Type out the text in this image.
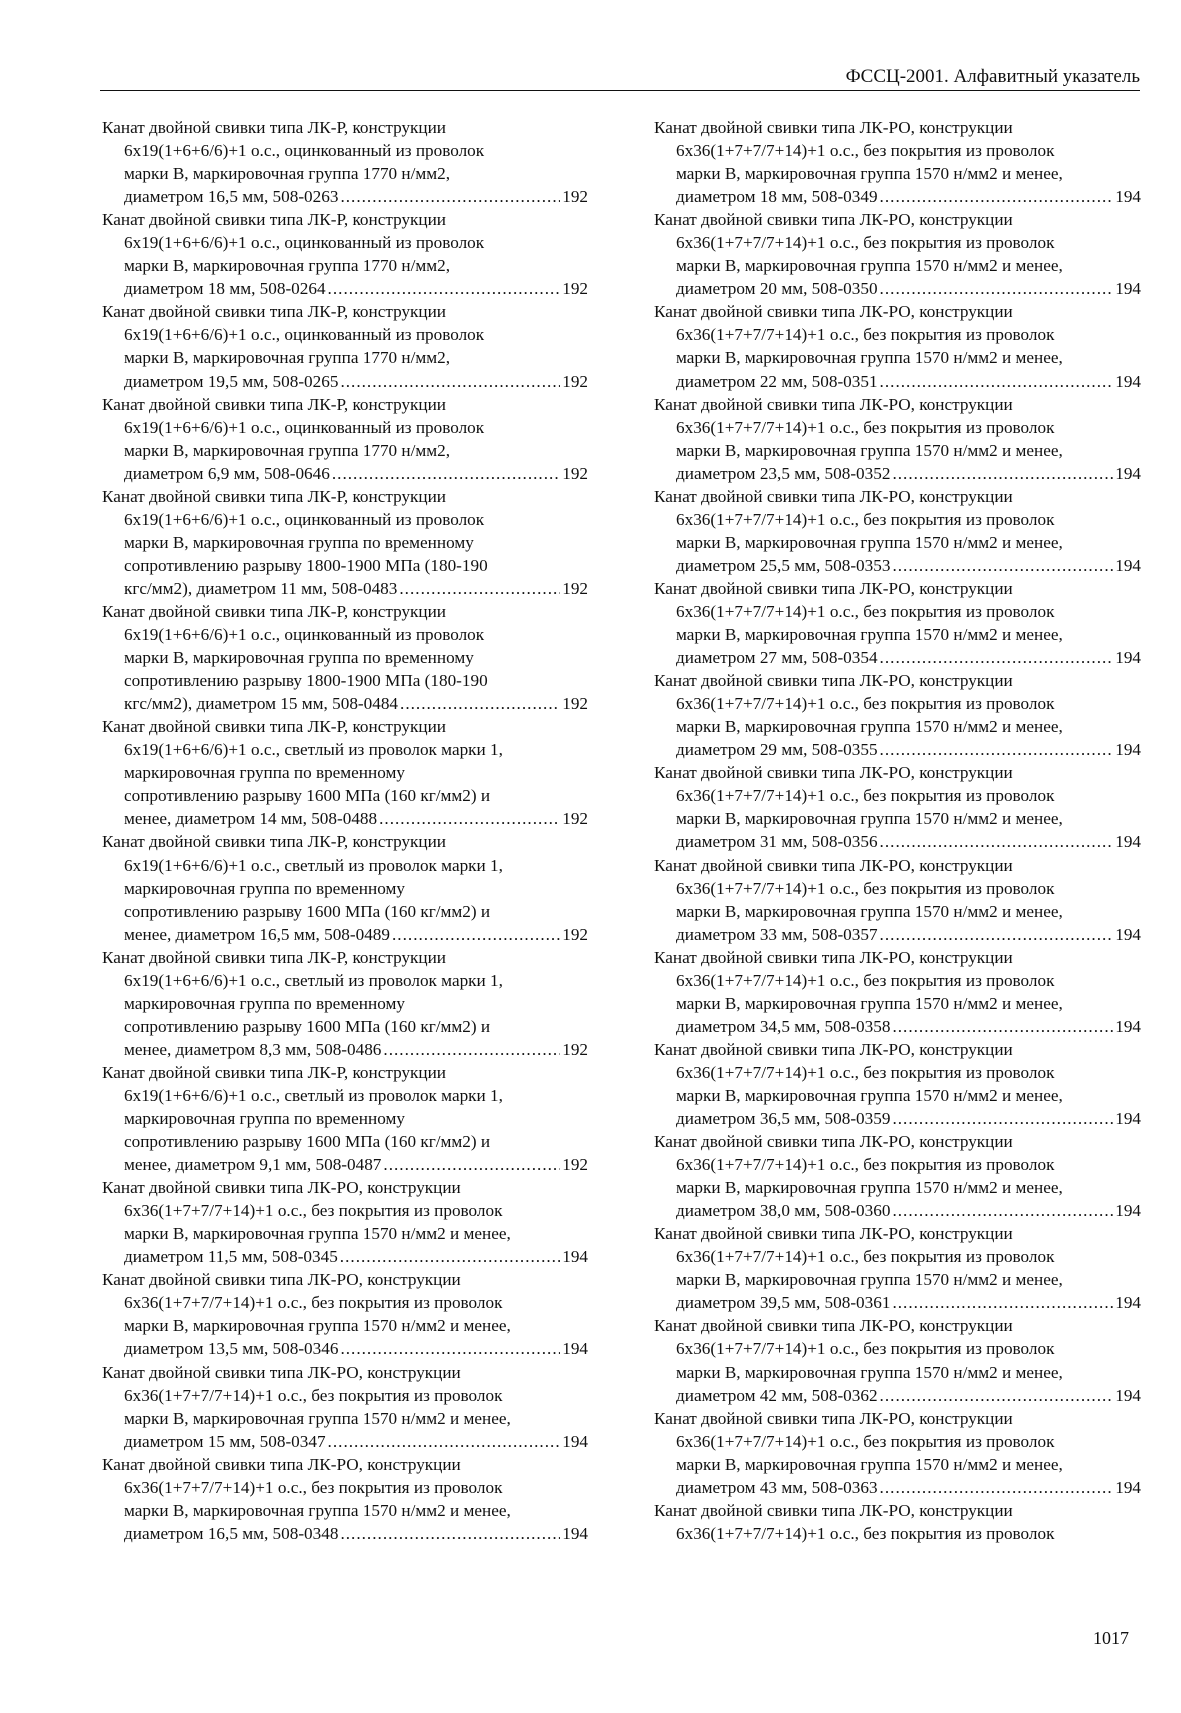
ФССЦ-2001. Алфавитный указатель
Канат двойной свивки типа ЛК-Р, конструкции
6х19(1+6+6/6)+1 о.с., оцинкованный из проволок
марки В, маркировочная группа 1770 н/мм2,
диаметром 16,5 мм, 508-0263 .....	192
Канат двойной свивки типа ЛК-Р, конструкции
6х19(1+6+6/6)+1 о.с., оцинкованный из проволок
марки В, маркировочная группа 1770 н/мм2,
диаметром 18 мм, 508-0264 .....	192
Канат двойной свивки типа ЛК-Р, конструкции
6х19(1+6+6/6)+1 о.с., оцинкованный из проволок
марки В, маркировочная группа 1770 н/мм2,
диаметром 19,5 мм, 508-0265 .....	192
Канат двойной свивки типа ЛК-Р, конструкции
6х19(1+6+6/6)+1 о.с., оцинкованный из проволок
марки В, маркировочная группа 1770 н/мм2,
диаметром 6,9 мм, 508-0646 .....	192
Канат двойной свивки типа ЛК-Р, конструкции
6х19(1+6+6/6)+1 о.с., оцинкованный из проволок
марки В, маркировочная группа по временному
сопротивлению разрыву 1800-1900 МПа (180-190
кгс/мм2), диаметром 11 мм, 508-0483 .....	192
Канат двойной свивки типа ЛК-Р, конструкции
6х19(1+6+6/6)+1 о.с., оцинкованный из проволок
марки В, маркировочная группа по временному
сопротивлению разрыву 1800-1900 МПа (180-190
кгс/мм2), диаметром 15 мм, 508-0484 .....	192
Канат двойной свивки типа ЛК-Р, конструкции
6х19(1+6+6/6)+1 о.с., светлый из проволок марки 1,
маркировочная группа по временному
сопротивлению разрыву 1600 МПа (160 кг/мм2) и
менее, диаметром 14 мм, 508-0488 .....	192
Канат двойной свивки типа ЛК-Р, конструкции
6х19(1+6+6/6)+1 о.с., светлый из проволок марки 1,
маркировочная группа по временному
сопротивлению разрыву 1600 МПа (160 кг/мм2) и
менее, диаметром 16,5 мм, 508-0489 .....	192
Канат двойной свивки типа ЛК-Р, конструкции
6х19(1+6+6/6)+1 о.с., светлый из проволок марки 1,
маркировочная группа по временному
сопротивлению разрыву 1600 МПа (160 кг/мм2) и
менее, диаметром 8,3 мм, 508-0486 .....	192
Канат двойной свивки типа ЛК-Р, конструкции
6х19(1+6+6/6)+1 о.с., светлый из проволок марки 1,
маркировочная группа по временному
сопротивлению разрыву 1600 МПа (160 кг/мм2) и
менее, диаметром 9,1 мм, 508-0487 .....	192
Канат двойной свивки типа ЛК-РО, конструкции
6х36(1+7+7/7+14)+1 о.с., без покрытия из проволок
марки В, маркировочная группа 1570 н/мм2 и менее,
диаметром 11,5 мм, 508-0345 .....	194
Канат двойной свивки типа ЛК-РО, конструкции
6х36(1+7+7/7+14)+1 о.с., без покрытия из проволок
марки В, маркировочная группа 1570 н/мм2 и менее,
диаметром 13,5 мм, 508-0346 .....	194
Канат двойной свивки типа ЛК-РО, конструкции
6х36(1+7+7/7+14)+1 о.с., без покрытия из проволок
марки В, маркировочная группа 1570 н/мм2 и менее,
диаметром 15 мм, 508-0347 .....	194
Канат двойной свивки типа ЛК-РО, конструкции
6х36(1+7+7/7+14)+1 о.с., без покрытия из проволок
марки В, маркировочная группа 1570 н/мм2 и менее,
диаметром 16,5 мм, 508-0348 .....	194
Канат двойной свивки типа ЛК-РО, конструкции
6х36(1+7+7/7+14)+1 о.с., без покрытия из проволок
марки В, маркировочная группа 1570 н/мм2 и менее,
диаметром 18 мм, 508-0349 .....	194
Канат двойной свивки типа ЛК-РО, конструкции
6х36(1+7+7/7+14)+1 о.с., без покрытия из проволок
марки В, маркировочная группа 1570 н/мм2 и менее,
диаметром 20 мм, 508-0350 .....	194
Канат двойной свивки типа ЛК-РО, конструкции
6х36(1+7+7/7+14)+1 о.с., без покрытия из проволок
марки В, маркировочная группа 1570 н/мм2 и менее,
диаметром 22 мм, 508-0351 .....	194
Канат двойной свивки типа ЛК-РО, конструкции
6х36(1+7+7/7+14)+1 о.с., без покрытия из проволок
марки В, маркировочная группа 1570 н/мм2 и менее,
диаметром 23,5 мм, 508-0352 .....	194
Канат двойной свивки типа ЛК-РО, конструкции
6х36(1+7+7/7+14)+1 о.с., без покрытия из проволок
марки В, маркировочная группа 1570 н/мм2 и менее,
диаметром 25,5 мм, 508-0353 .....	194
Канат двойной свивки типа ЛК-РО, конструкции
6х36(1+7+7/7+14)+1 о.с., без покрытия из проволок
марки В, маркировочная группа 1570 н/мм2 и менее,
диаметром 27 мм, 508-0354 .....	194
Канат двойной свивки типа ЛК-РО, конструкции
6х36(1+7+7/7+14)+1 о.с., без покрытия из проволок
марки В, маркировочная группа 1570 н/мм2 и менее,
диаметром 29 мм, 508-0355 .....	194
Канат двойной свивки типа ЛК-РО, конструкции
6х36(1+7+7/7+14)+1 о.с., без покрытия из проволок
марки В, маркировочная группа 1570 н/мм2 и менее,
диаметром 31 мм, 508-0356 .....	194
Канат двойной свивки типа ЛК-РО, конструкции
6х36(1+7+7/7+14)+1 о.с., без покрытия из проволок
марки В, маркировочная группа 1570 н/мм2 и менее,
диаметром 33 мм, 508-0357 .....	194
Канат двойной свивки типа ЛК-РО, конструкции
6х36(1+7+7/7+14)+1 о.с., без покрытия из проволок
марки В, маркировочная группа 1570 н/мм2 и менее,
диаметром 34,5 мм, 508-0358 .....	194
Канат двойной свивки типа ЛК-РО, конструкции
6х36(1+7+7/7+14)+1 о.с., без покрытия из проволок
марки В, маркировочная группа 1570 н/мм2 и менее,
диаметром 36,5 мм, 508-0359 .....	194
Канат двойной свивки типа ЛК-РО, конструкции
6х36(1+7+7/7+14)+1 о.с., без покрытия из проволок
марки В, маркировочная группа 1570 н/мм2 и менее,
диаметром 38,0 мм, 508-0360 .....	194
Канат двойной свивки типа ЛК-РО, конструкции
6х36(1+7+7/7+14)+1 о.с., без покрытия из проволок
марки В, маркировочная группа 1570 н/мм2 и менее,
диаметром 39,5 мм, 508-0361 .....	194
Канат двойной свивки типа ЛК-РО, конструкции
6х36(1+7+7/7+14)+1 о.с., без покрытия из проволок
марки В, маркировочная группа 1570 н/мм2 и менее,
диаметром 42 мм, 508-0362 .....	194
Канат двойной свивки типа ЛК-РО, конструкции
6х36(1+7+7/7+14)+1 о.с., без покрытия из проволок
марки В, маркировочная группа 1570 н/мм2 и менее,
диаметром 43 мм, 508-0363 .....	194
Канат двойной свивки типа ЛК-РО, конструкции
6х36(1+7+7/7+14)+1 о.с., без покрытия из проволок
1017
